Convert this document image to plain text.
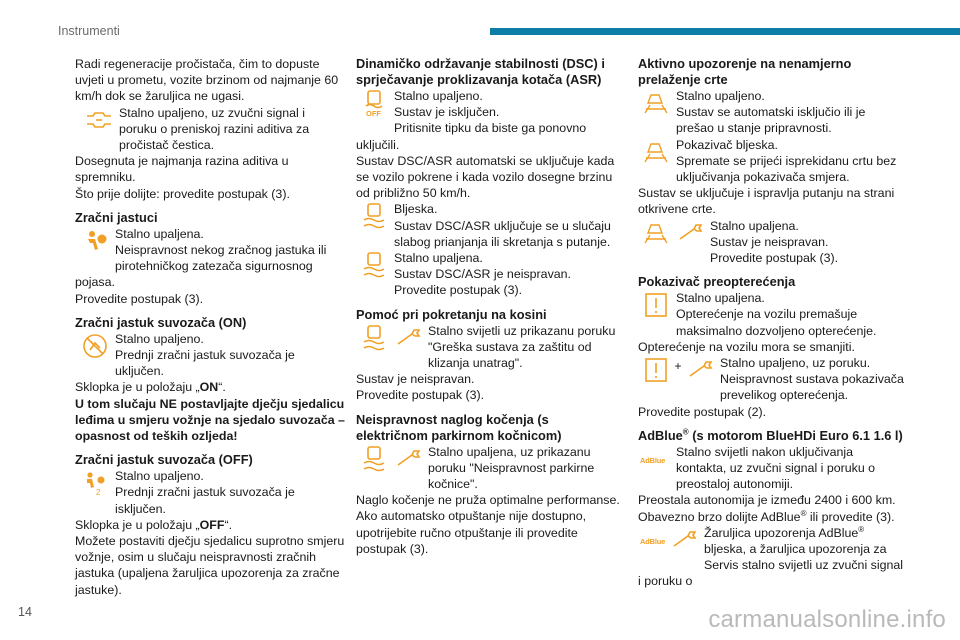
Instrumenti
Radi regeneracije pročistača, čim to dopuste uvjeti u prometu, vozite brzinom od najmanje 60 km/h dok se žaruljica ne ugasi.
Stalno upaljeno, uz zvučni signal i poruku o preniskoj razini aditiva za pročistač čestica.
Dosegnuta je najmanja razina aditiva u spremniku.
Što prije dolijte: provedite postupak (3).
Zračni jastuci
Stalno upaljena.
Neispravnost nekog zračnog jastuka ili pirotehničkog zatezača sigurnosnog pojasa.
Provedite postupak (3).
Zračni jastuk suvozača (ON)
Stalno upaljeno.
Prednji zračni jastuk suvozača je uključen.
Sklopka je u položaju „ON“.
U tom slučaju NE postavljajte dječju sjedalicu leđima u smjeru vožnje na sjedalo suvozača – opasnost od teških ozljeda!
Zračni jastuk suvozača (OFF)
2
Stalno upaljeno.
Prednji zračni jastuk suvozača je isključen.
Sklopka je u položaju „OFF“.
Možete postaviti dječju sjedalicu suprotno smjeru vožnje, osim u slučaju neispravnosti zračnih jastuka (upaljena žaruljica upozorenja za zračne jastuke).
Dinamičko održavanje stabilnosti (DSC) i sprječavanje proklizavanja kotača (ASR)
OFF
Stalno upaljeno.
Sustav je isključen.
Pritisnite tipku da biste ga ponovno uključili.
Sustav DSC/ASR automatski se uključuje kada se vozilo pokrene i kada vozilo dosegne brzinu od približno 50 km/h.
Bljeska.
Sustav DSC/ASR uključuje se u slučaju slabog prianjanja ili skretanja s putanje.
Stalno upaljena.
Sustav DSC/ASR je neispravan.
Provedite postupak (3).
Pomoć pri pokretanju na kosini
Stalno svijetli uz prikazanu poruku "Greška sustava za zaštitu od klizanja unatrag".
Sustav je neispravan.
Provedite postupak (3).
Neispravnost naglog kočenja (s električnom parkirnom kočnicom)
Stalno upaljena, uz prikazanu poruku "Neispravnost parkirne kočnice".
Naglo kočenje ne pruža optimalne performanse.
Ako automatsko otpuštanje nije dostupno, upotrijebite ručno otpuštanje ili provedite postupak (3).
Aktivno upozorenje na nenamjerno prelaženje crte
Stalno upaljeno.
Sustav se automatski isključio ili je prešao u stanje pripravnosti.
Pokazivač bljeska.
Spremate se prijeći isprekidanu crtu bez uključivanja pokazivača smjera.
Sustav se uključuje i ispravlja putanju na strani otkrivene crte.
Stalno upaljena.
Sustav je neispravan.
Provedite postupak (3).
Pokazivač preopterećenja
Stalno upaljena.
Opterećenje na vozilu premašuje maksimalno dozvoljeno opterećenje.
Opterećenje na vozilu mora se smanjiti.
+	Stalno upaljeno, uz poruku.
Neispravnost sustava pokazivača prevelikog opterećenja.
Provedite postupak (2).
AdBlue® (s motorom BlueHDi Euro 6.1 1.6 l)
AdBlue
Stalno svijetli nakon uključivanja kontakta, uz zvučni signal i poruku o preostaloj autonomiji.
Preostala autonomija je između 2400 i 600 km.
Obavezno brzo dolijte AdBlue® ili provedite (3).
AdBlue
Žaruljica upozorenja AdBlue® bljeska, a žaruljica upozorenja za Servis stalno svijetli uz zvučni signal i poruku o
14	carmanualsonline.info
